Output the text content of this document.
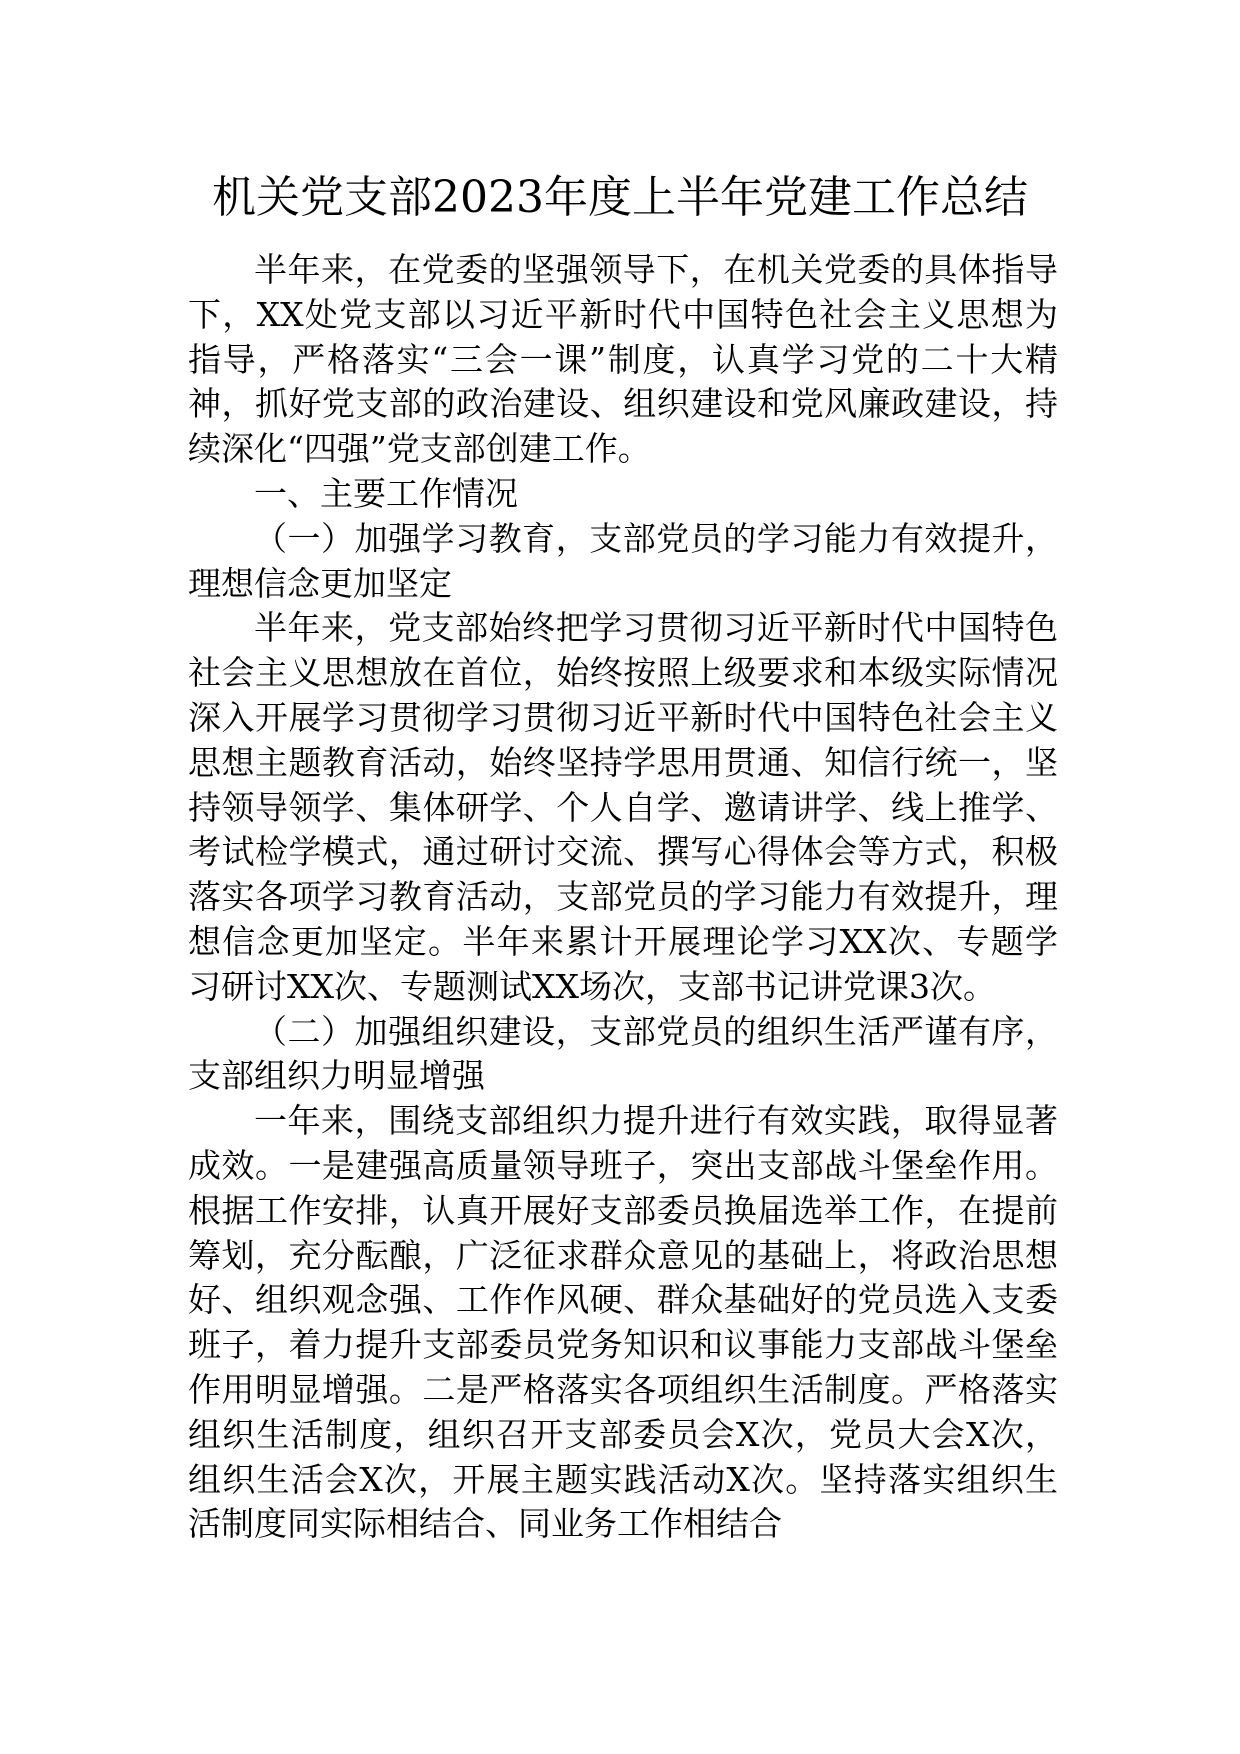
机关党支部2023年度上半年党建工作总结

半年来，在党委的坚强领导下，在机关党委的具体指导下，XX处党支部以习近平新时代中国特色社会主义思想为指导，严格落实“三会一课”制度，认真学习党的二十大精神，抓好党支部的政治建设、组织建设和党风廉政建设，持续深化“四强”党支部创建工作。

一、主要工作情况

（一）加强学习教育，支部党员的学习能力有效提升，理想信念更加坚定

半年来，党支部始终把学习贯彻习近平新时代中国特色社会主义思想放在首位，始终按照上级要求和本级实际情况深入开展学习贯彻学习贯彻习近平新时代中国特色社会主义思想主题教育活动，始终坚持学思用贯通、知信行统一，坚持领导领学、集体研学、个人自学、邀请讲学、线上推学、考试检学模式，通过研讨交流、撰写心得体会等方式，积极落实各项学习教育活动，支部党员的学习能力有效提升，理想信念更加坚定。半年来累计开展理论学习XX次、专题学习研讨XX次、专题测试XX场次，支部书记讲党课3次。

（二）加强组织建设，支部党员的组织生活严谨有序，支部组织力明显增强

一年来，围绕支部组织力提升进行有效实践，取得显著成效。一是建强高质量领导班子，突出支部战斗堡垒作用。根据工作安排，认真开展好支部委员换届选举工作，在提前筹划，充分酝酿，广泛征求群众意见的基础上，将政治思想好、组织观念强、工作作风硬、群众基础好的党员选入支委班子，着力提升支部委员党务知识和议事能力支部战斗堡垒作用明显增强。二是严格落实各项组织生活制度。严格落实组织生活制度，组织召开支部委员会X次，党员大会X次，组织生活会X次，开展主题实践活动X次。坚持落实组织生活制度同实际相结合、同业务工作相结合
